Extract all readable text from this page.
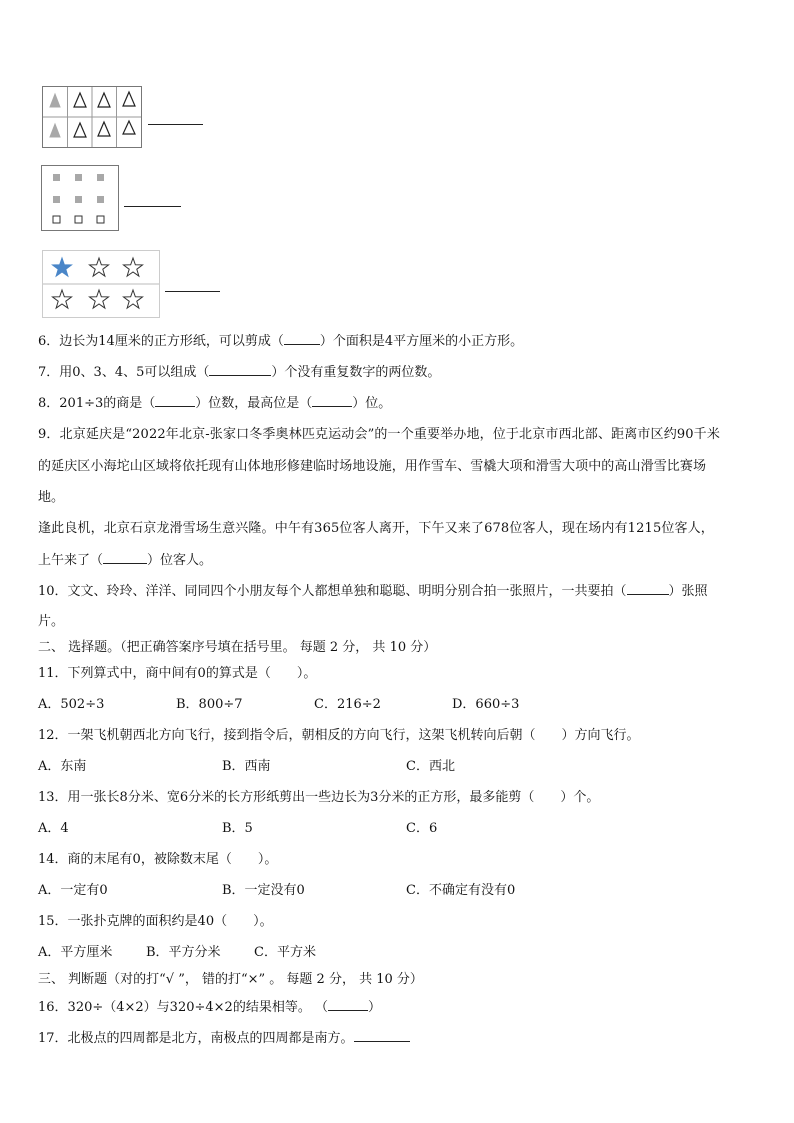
6．边长为14厘米的正方形纸，可以剪成（	）个面积是4平方厘米的小正方形。
7．用0、3、4、5可以组成（	）个没有重复数字的两位数。
8．201÷3的商是（	）位数，最高位是（	）位。
9．北京延庆是“2022年北京-张家口冬季奥林匹克运动会”的一个重要举办地，位于北京市西北部、距离市区约90千米
的延庆区小海坨山区域将依托现有山体地形修建临时场地设施，用作雪车、雪橇大项和滑雪大项中的高山滑雪比赛场
地。
逢此良机，北京石京龙滑雪场生意兴隆。中午有365位客人离开，下午又来了678位客人，现在场内有1215位客人，
上午来了（	）位客人。
10．文文、玲玲、洋洋、同同四个小朋友每个人都想单独和聪聪、明明分别合拍一张照片，一共要拍（	）张照
片。
二、 选择题。（把正确答案序号填在括号里。 每题 2 分， 共 10 分）
11．下列算式中，商中间有0的算式是（　　）。
A．502÷3	B．800÷7	C．216÷2	D．660÷3
12．一架飞机朝西北方向飞行，接到指令后，朝相反的方向飞行，这架飞机转向后朝（　　）方向飞行。
A．东南	B．西南	C．西北
13．用一张长8分米、宽6分米的长方形纸剪出一些边长为3分米的正方形，最多能剪（　　）个。
A．4	B．5	C．6
14．商的末尾有0，被除数末尾（　　）。
A．一定有0	B．一定没有0	C．不确定有没有0
15．一张扑克牌的面积约是40（　　）。
A．平方厘米	B．平方分米	C．平方米
三、 判断题（对的打“√ ”， 错的打“×” 。 每题 2 分， 共 10 分）
16．320÷（4×2）与320÷4×2的结果相等。 （	）
17．北极点的四周都是北方，南极点的四周都是南方。
